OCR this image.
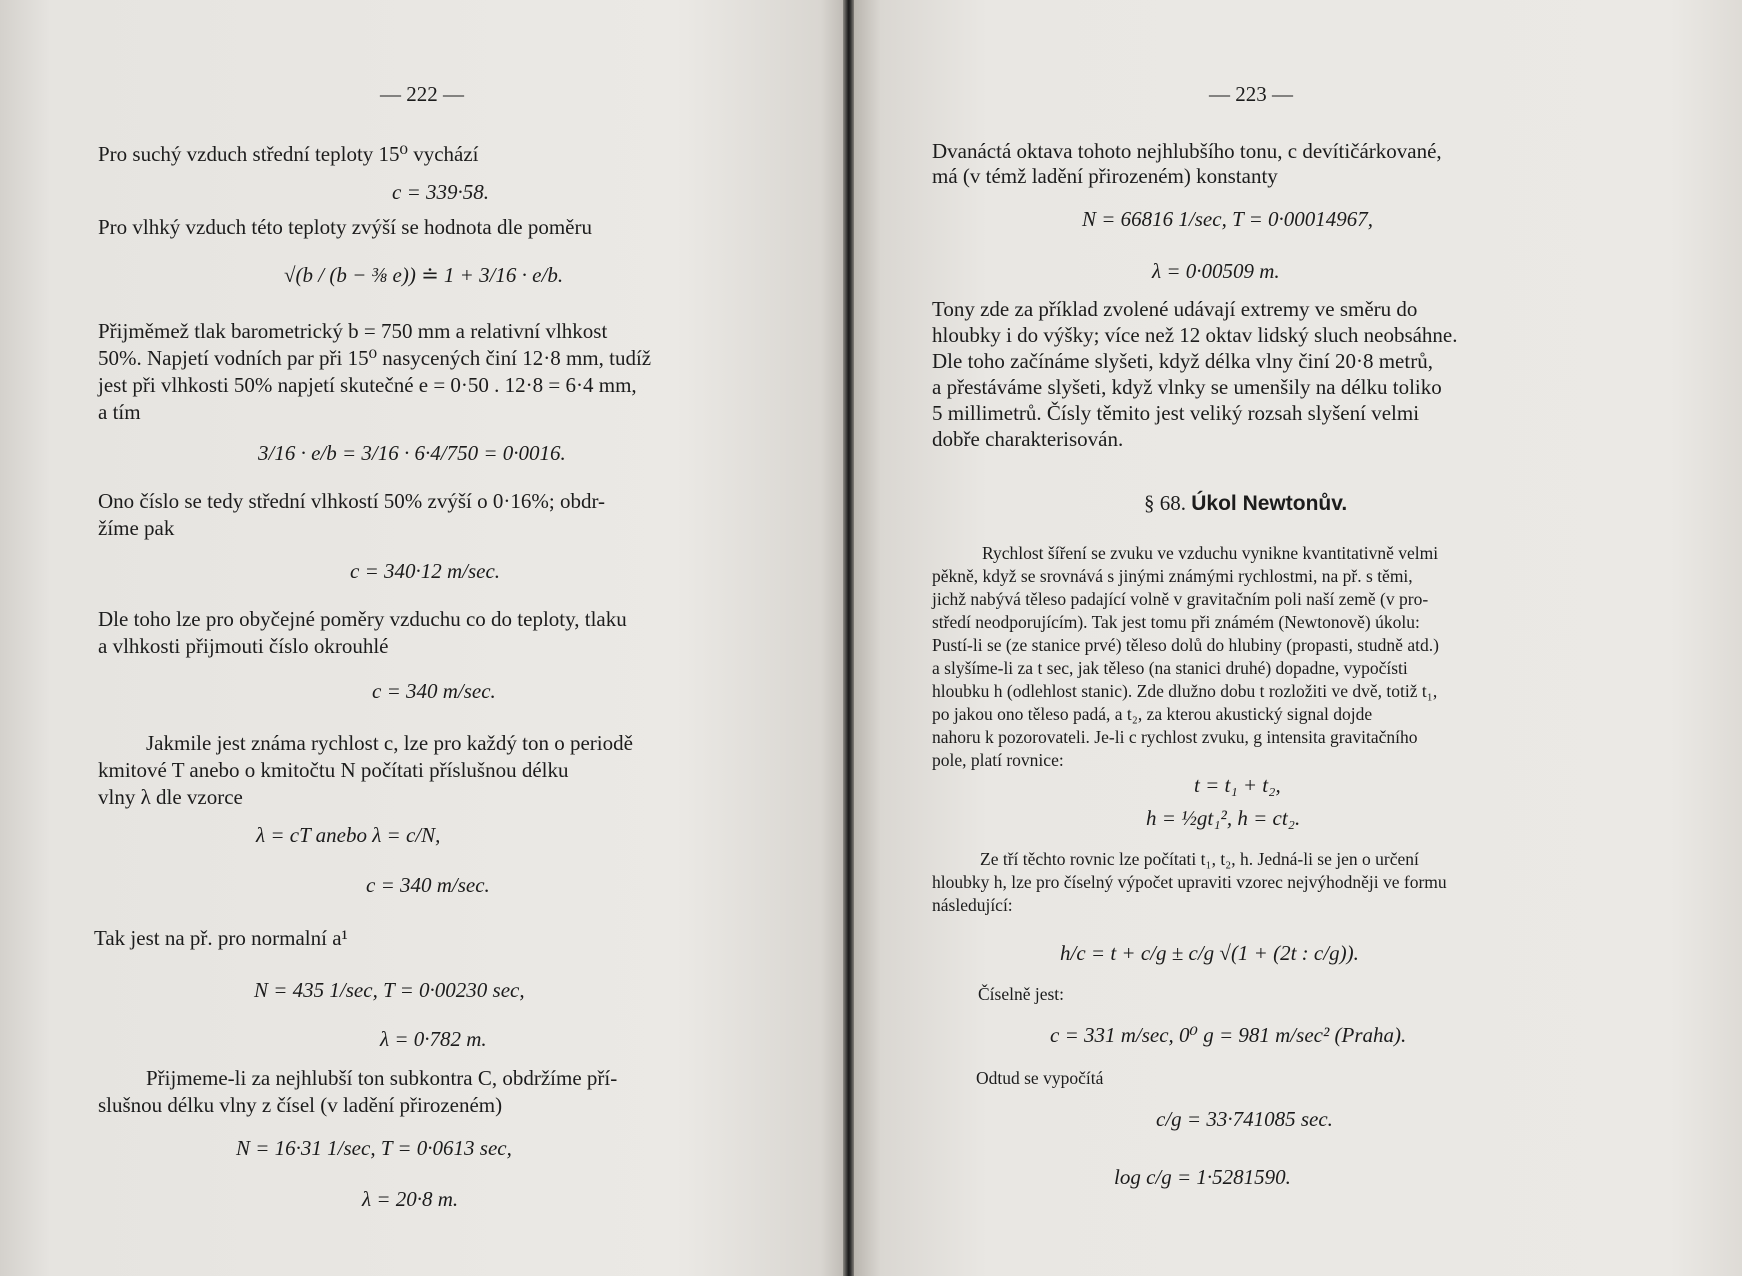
— 222 —
Pro suchý vzduch střední teploty 15⁰ vychází
c = 339·58.
Pro vlhký vzduch této teploty zvýší se hodnota dle poměru
√(b / (b − ⅜ e)) ≐ 1 + 3/16 · e/b.
Přijměmež tlak barometrický b = 750 mm a relativní vlhkost
50%. Napjetí vodních par při 15⁰ nasycených činí 12·8 mm, tudíž
jest při vlhkosti 50% napjetí skutečné e = 0·50 . 12·8 = 6·4 mm,
a tím
3/16 · e/b = 3/16 · 6·4/750 = 0·0016.
Ono číslo se tedy střední vlhkostí 50% zvýší o 0·16%; obdr-
žíme pak
c = 340·12 m/sec.
Dle toho lze pro obyčejné poměry vzduchu co do teploty, tlaku
a vlhkosti přijmouti číslo okrouhlé
c = 340 m/sec.
Jakmile jest známa rychlost c, lze pro každý ton o periodě
kmitové T anebo o kmitočtu N počítati příslušnou délku
vlny λ dle vzorce
λ = cT anebo λ = c/N,
c = 340 m/sec.
Tak jest na př. pro normalní a¹
N = 435 1/sec, T = 0·00230 sec,
λ = 0·782 m.
Přijmeme-li za nejhlubší ton subkontra C, obdržíme pří-
slušnou délku vlny z čísel (v ladění přirozeném)
N = 16·31 1/sec, T = 0·0613 sec,
λ = 20·8 m.
— 223 —
Dvanáctá oktava tohoto nejhlubšího tonu, c devítičárkované,
má (v témž ladění přirozeném) konstanty
N = 66816 1/sec, T = 0·00014967,
λ = 0·00509 m.
Tony zde za příklad zvolené udávají extremy ve směru do
hloubky i do výšky; více než 12 oktav lidský sluch neobsáhne.
Dle toho začínáme slyšeti, když délka vlny činí 20·8 metrů,
a přestáváme slyšeti, když vlnky se umenšily na délku toliko
5 millimetrů. Čísly těmito jest veliký rozsah slyšení velmi
dobře charakterisován.
§ 68. Úkol Newtonův.
Rychlost šíření se zvuku ve vzduchu vynikne kvantitativně velmi
pěkně, když se srovnává s jinými známými rychlostmi, na př. s těmi,
jichž nabývá těleso padající volně v gravitačním poli naší země (v pro-
středí neodporujícím). Tak jest tomu při známém (Newtonově) úkolu:
Pustí-li se (ze stanice prvé) těleso dolů do hlubiny (propasti, studně atd.)
a slyšíme-li za t sec, jak těleso (na stanici druhé) dopadne, vypočísti
hloubku h (odlehlost stanic). Zde dlužno dobu t rozložiti ve dvě, totiž t₁,
po jakou ono těleso padá, a t₂, za kterou akustický signal dojde
nahoru k pozorovateli. Je-li c rychlost zvuku, g intensita gravitačního
pole, platí rovnice:
t = t₁ + t₂,
h = ½gt₁², h = ct₂.
Ze tří těchto rovnic lze počítati t₁, t₂, h. Jedná-li se jen o určení
hloubky h, lze pro číselný výpočet upraviti vzorec nejvýhodněji ve formu
následující:
h/c = t + c/g ± c/g √(1 + (2t : c/g)).
Číselně jest:
c = 331 m/sec, 0⁰ g = 981 m/sec² (Praha).
Odtud se vypočítá
c/g = 33·741085 sec.
log c/g = 1·5281590.
